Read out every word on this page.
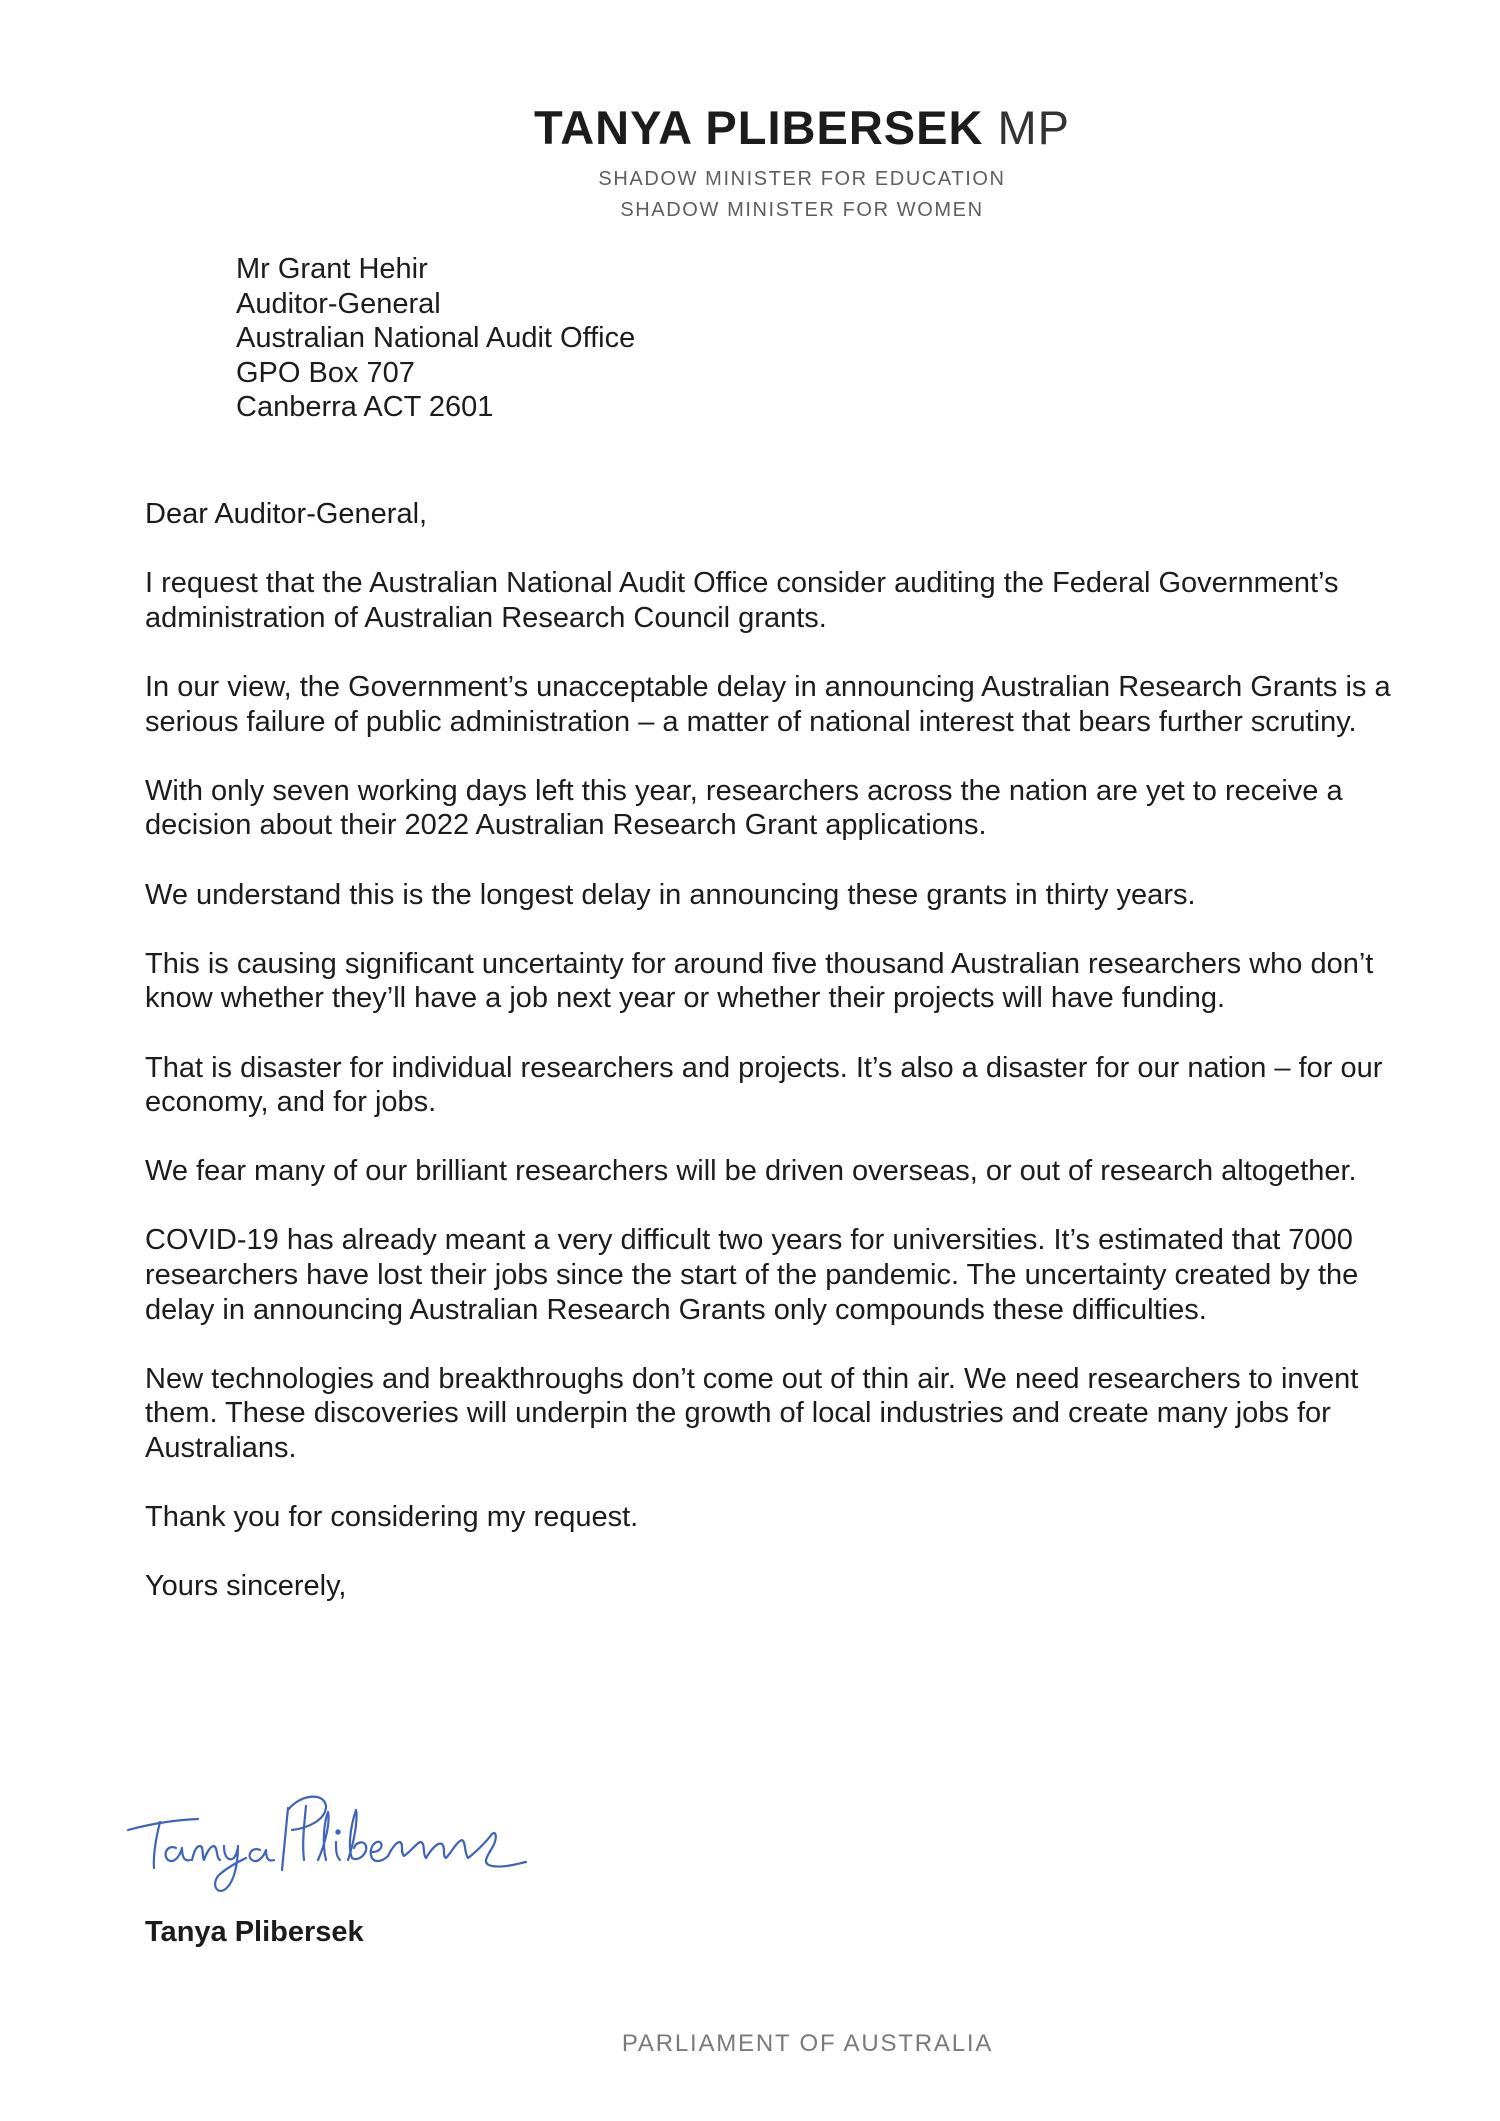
TANYA PLIBERSEK MP
SHADOW MINISTER FOR EDUCATION
SHADOW MINISTER FOR WOMEN
Mr Grant Hehir
Auditor-General
Australian National Audit Office
GPO Box 707
Canberra ACT 2601

Dear Auditor-General,

I request that the Australian National Audit Office consider auditing the Federal Government’s administration of Australian Research Council grants.

In our view, the Government’s unacceptable delay in announcing Australian Research Grants is a serious failure of public administration – a matter of national interest that bears further scrutiny.

With only seven working days left this year, researchers across the nation are yet to receive a decision about their 2022 Australian Research Grant applications.

We understand this is the longest delay in announcing these grants in thirty years.

This is causing significant uncertainty for around five thousand Australian researchers who don’t know whether they’ll have a job next year or whether their projects will have funding.

That is disaster for individual researchers and projects. It’s also a disaster for our nation – for our economy, and for jobs.

We fear many of our brilliant researchers will be driven overseas, or out of research altogether.

COVID-19 has already meant a very difficult two years for universities. It’s estimated that 7000 researchers have lost their jobs since the start of the pandemic. The uncertainty created by the delay in announcing Australian Research Grants only compounds these difficulties.

New technologies and breakthroughs don’t come out of thin air. We need researchers to invent them. These discoveries will underpin the growth of local industries and create many jobs for Australians.

Thank you for considering my request.

Yours sincerely,

Tanya Plibersek
PARLIAMENT OF AUSTRALIA
